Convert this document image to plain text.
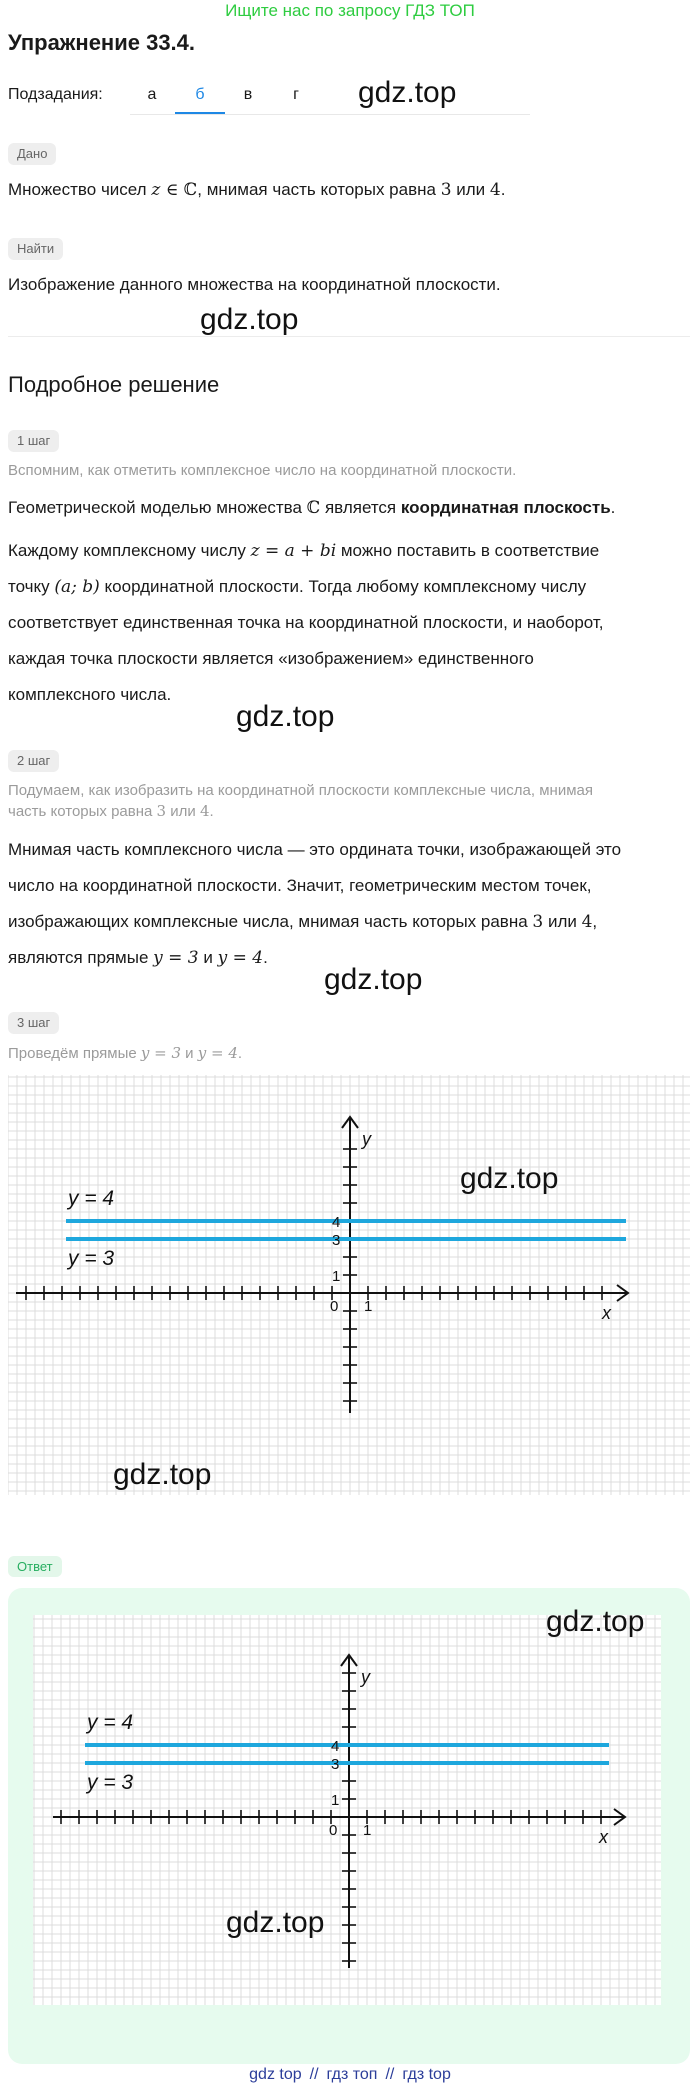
Ищите нас по запросу ГДЗ ТОП
Упражнение 33.4.
Подзадания:	а	б	в	г	gdz.top
Дано
Множество чисел z ∈ ℂ, мнимая часть которых равна 3 или 4.
Найти
Изображение данного множества на координатной плоскости.
gdz.top
Подробное решение
1 шаг
Вспомним, как отметить комплексное число на координатной плоскости.
Геометрической моделью множества ℂ является координатная плоскость.
Каждому комплексному числу z = a + bi можно поставить в соответствие
точку (a; b) координатной плоскости. Тогда любому комплексному числу
соответствует единственная точка на координатной плоскости, и наоборот,
каждая точка плоскости является «изображением» единственного
комплексного числа.
gdz.top
2 шаг
Подумаем, как изобразить на координатной плоскости комплексные числа, мнимая
часть которых равна 3 или 4.
Мнимая часть комплексного числа — это ордината точки, изображающей это
число на координатной плоскости. Значит, геометрическим местом точек,
изображающих комплексные числа, мнимая часть которых равна 3 или 4,
являются прямые y = 3 и y = 4.
gdz.top
3 шаг
Проведём прямые y = 3 и y = 4.
4
3
1
0 1	x
y
y = 4
y = 3
gdz.top
gdz.top
Ответ
4
3
1
0 1	x
y
y = 4
y = 3
gdz.top
gdz.top
gdz top // гдз топ // гдз top
